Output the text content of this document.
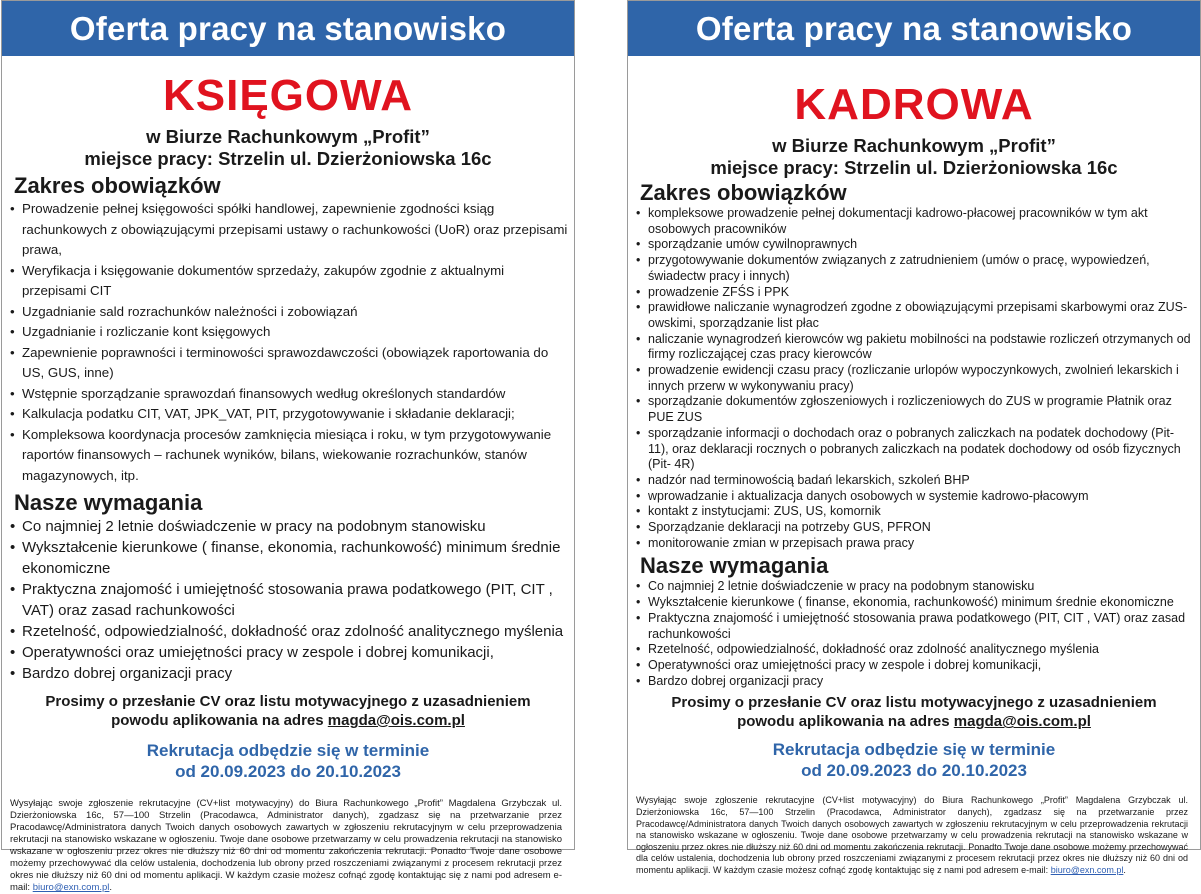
Oferta pracy na stanowisko
KSIĘGOWA
w Biurze Rachunkowym „Profit”
miejsce pracy: Strzelin ul. Dzierżoniowska 16c
Zakres obowiązków
• Prowadzenie pełnej księgowości spółki handlowej, zapewnienie zgodności ksiąg rachunkowych z obowiązującymi przepisami ustawy o rachunkowości (UoR) oraz przepisami prawa,
• Weryfikacja i księgowanie dokumentów sprzedaży, zakupów zgodnie z aktualnymi przepisami CIT
• Uzgadnianie sald rozrachunków należności i zobowiązań
• Uzgadnianie i rozliczanie kont księgowych
• Zapewnienie poprawności i terminowości sprawozdawczości (obowiązek raportowania do US, GUS, inne)
• Wstępnie sporządzanie sprawozdań finansowych według określonych standardów
• Kalkulacja podatku CIT, VAT, JPK_VAT, PIT, przygotowywanie i składanie deklaracji;
• Kompleksowa koordynacja procesów zamknięcia miesiąca i roku, w tym przygotowywanie raportów finansowych – rachunek wyników, bilans, wiekowanie rozrachunków, stanów magazynowych, itp.
Nasze wymagania
• Co najmniej 2 letnie doświadczenie w pracy na podobnym stanowisku
• Wykształcenie kierunkowe ( finanse, ekonomia, rachunkowość) minimum średnie ekonomiczne
• Praktyczna znajomość i umiejętność stosowania prawa podatkowego (PIT, CIT , VAT) oraz zasad rachunkowości
• Rzetelność, odpowiedzialność, dokładność oraz zdolność analitycznego myślenia
• Operatywności oraz umiejętności pracy w zespole i dobrej komunikacji,
• Bardzo dobrej organizacji pracy
Prosimy o przesłanie CV oraz listu motywacyjnego z uzasadnieniem
powodu aplikowania na adres magda@ois.com.pl
Rekrutacja odbędzie się w terminie
od 20.09.2023 do 20.10.2023
Wysyłając swoje zgłoszenie rekrutacyjne (CV+list motywacyjny) do Biura Rachunkowego „Profit” Magdalena Grzybczak ul. Dzierżoniowska 16c, 57—100 Strzelin (Pracodawca, Administrator danych), zgadzasz się na przetwarzanie przez Pracodawcę/Administratora danych Twoich danych osobowych zawartych w zgłoszeniu rekrutacyjnym w celu przeprowadzenia rekrutacji na stanowisko wskazane w ogłoszeniu. Twoje dane osobowe przetwarzamy w celu prowadzenia rekrutacji na stanowisko wskazane w ogłoszeniu przez okres nie dłuższy niż 60 dni od momentu zakończenia rekrutacji. Ponadto Twoje dane osobowe możemy przechowywać dla celów ustalenia, dochodzenia lub obrony przed roszczeniami związanymi z procesem rekrutacji przez okres nie dłuższy niż 60 dni od momentu aplikacji. W każdym czasie możesz cofnąć zgodę kontaktując się z nami pod adresem e-mail: biuro@exn.com.pl.
Oferta pracy na stanowisko
KADROWA
w Biurze Rachunkowym „Profit”
miejsce pracy: Strzelin ul. Dzierżoniowska 16c
Zakres obowiązków
• kompleksowe prowadzenie pełnej dokumentacji kadrowo-płacowej pracowników w tym akt osobowych pracowników
• sporządzanie umów cywilnoprawnych
• przygotowywanie dokumentów związanych z zatrudnieniem (umów o pracę, wypowiedzeń, świadectw pracy i innych)
• prowadzenie ZFŚS i PPK
• prawidłowe naliczanie wynagrodzeń zgodne z obowiązującymi przepisami skarbowymi oraz ZUS-owskimi, sporządzanie list płac
• naliczanie wynagrodzeń kierowców wg pakietu mobilności na podstawie rozliczeń otrzymanych od firmy rozliczającej czas pracy kierowców
• prowadzenie ewidencji czasu pracy (rozliczanie urlopów wypoczynkowych, zwolnień lekarskich i innych przerw w wykonywaniu pracy)
• sporządzanie dokumentów zgłoszeniowych i rozliczeniowych do ZUS w programie Płatnik oraz PUE ZUS
• sporządzanie informacji o dochodach oraz o pobranych zaliczkach na podatek dochodowy (Pit-11), oraz deklaracji rocznych o pobranych zaliczkach na podatek dochodowy od osób fizycznych (Pit- 4R)
• nadzór nad terminowością badań lekarskich, szkoleń BHP
• wprowadzanie i aktualizacja danych osobowych w systemie kadrowo-płacowym
• kontakt z instytucjami: ZUS, US, komornik
• Sporządzanie deklaracji na potrzeby GUS, PFRON
• monitorowanie zmian w przepisach prawa pracy
Nasze wymagania
• Co najmniej 2 letnie doświadczenie w pracy na podobnym stanowisku
• Wykształcenie kierunkowe ( finanse, ekonomia, rachunkowość) minimum średnie ekonomiczne
• Praktyczna znajomość i umiejętność stosowania prawa podatkowego (PIT, CIT , VAT) oraz zasad rachunkowości
• Rzetelność, odpowiedzialność, dokładność oraz zdolność analitycznego myślenia
• Operatywności oraz umiejętności pracy w zespole i dobrej komunikacji,
• Bardzo dobrej organizacji pracy
Prosimy o przesłanie CV oraz listu motywacyjnego z uzasadnieniem
powodu aplikowania na adres magda@ois.com.pl
Rekrutacja odbędzie się w terminie
od 20.09.2023 do 20.10.2023
Wysyłając swoje zgłoszenie rekrutacyjne (CV+list motywacyjny) do Biura Rachunkowego „Profit” Magdalena Grzybczak ul. Dzierżoniowska 16c, 57—100 Strzelin (Pracodawca, Administrator danych), zgadzasz się na przetwarzanie przez Pracodawcę/Administratora danych Twoich danych osobowych zawartych w zgłoszeniu rekrutacyjnym w celu przeprowadzenia rekrutacji na stanowisko wskazane w ogłoszeniu. Twoje dane osobowe przetwarzamy w celu prowadzenia rekrutacji na stanowisko wskazane w ogłoszeniu przez okres nie dłuższy niż 60 dni od momentu zakończenia rekrutacji. Ponadto Twoje dane osobowe możemy przechowywać dla celów ustalenia, dochodzenia lub obrony przed roszczeniami związanymi z procesem rekrutacji przez okres nie dłuższy niż 60 dni od momentu aplikacji. W każdym czasie możesz cofnąć zgodę kontaktując się z nami pod adresem e-mail: biuro@exn.com.pl.
